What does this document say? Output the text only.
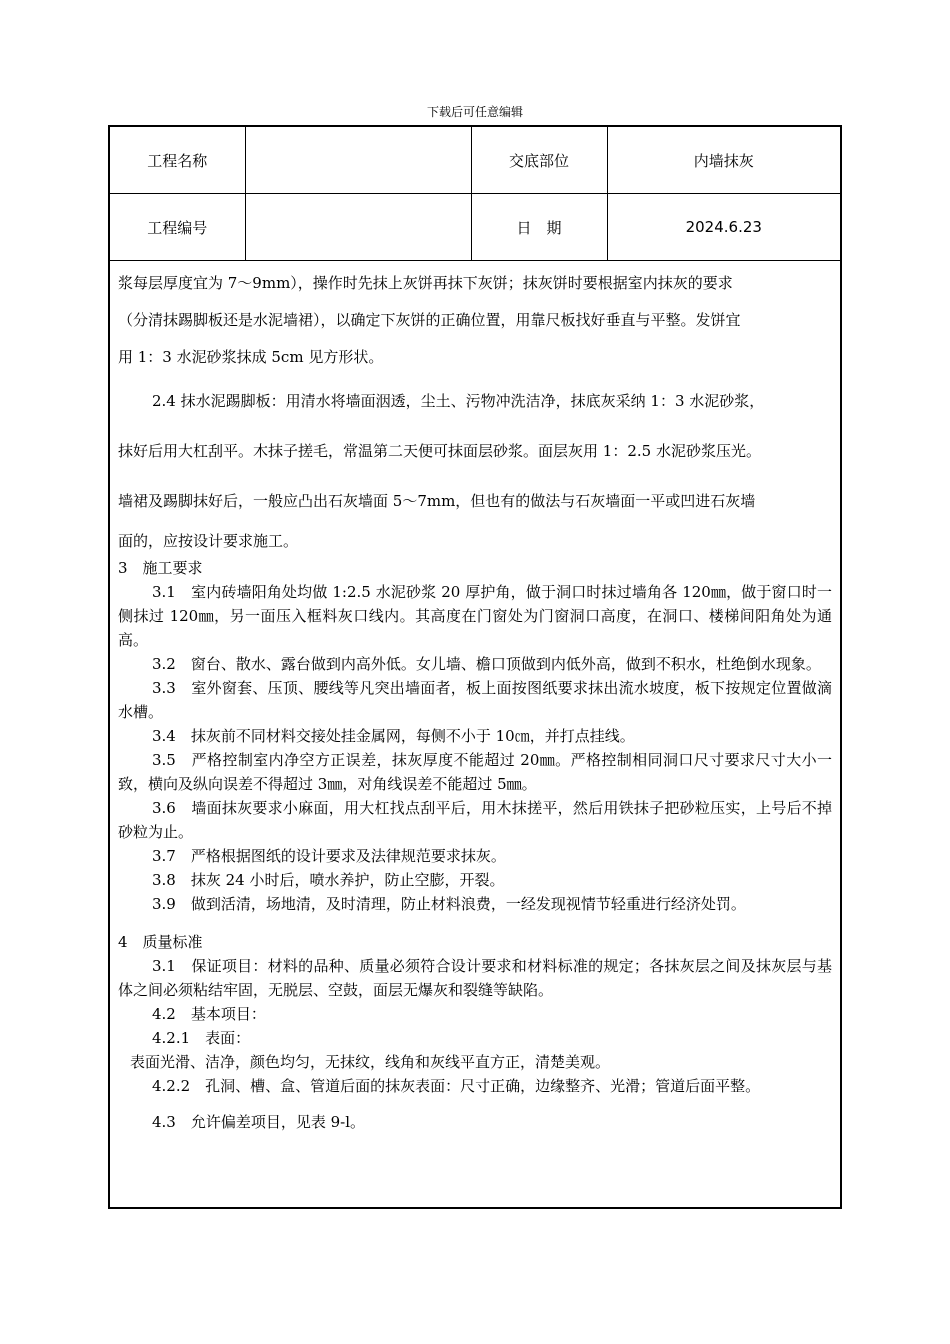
下载后可任意编辑
工程名称		交底部位	内墙抹灰
工程编号		日　期	2024.6.23

浆每层厚度宜为 7～9mm），操作时先抹上灰饼再抹下灰饼；抹灰饼时要根据室内抹灰的要求

（分清抹踢脚板还是水泥墙裙），以确定下灰饼的正确位置，用靠尺板找好垂直与平整。发饼宜

用 1：3 水泥砂浆抹成 5cm 见方形状。

2.4 抹水泥踢脚板：用清水将墙面洇透，尘土、污物冲洗洁净，抹底灰采纳 1：3 水泥砂浆，

抹好后用大杠刮平。木抹子搓毛，常温第二天便可抹面层砂浆。面层灰用 1：2.5 水泥砂浆压光。

墙裙及踢脚抹好后，一般应凸出石灰墙面 5～7mm，但也有的做法与石灰墙面一平或凹进石灰墙

面的，应按设计要求施工。

3　施工要求

3.1　室内砖墙阳角处均做 1:2.5 水泥砂浆 20 厚护角，做于洞口时抹过墙角各 120㎜，做于窗口时一侧抹过 120㎜，另一面压入框料灰口线内。其高度在门窗处为门窗洞口高度，在洞口、楼梯间阳角处为通高。

3.2　窗台、散水、露台做到内高外低。女儿墙、檐口顶做到内低外高，做到不积水，杜绝倒水现象。

3.3　室外窗套、压顶、腰线等凡突出墙面者，板上面按图纸要求抹出流水坡度，板下按规定位置做滴水槽。

3.4　抹灰前不同材料交接处挂金属网，每侧不小于 10㎝，并打点挂线。

3.5　严格控制室内净空方正误差，抹灰厚度不能超过 20㎜。严格控制相同洞口尺寸要求尺寸大小一致，横向及纵向误差不得超过 3㎜，对角线误差不能超过 5㎜。

3.6　墙面抹灰要求小麻面，用大杠找点刮平后，用木抹搓平，然后用铁抹子把砂粒压实，上号后不掉砂粒为止。

3.7　严格根据图纸的设计要求及法律规范要求抹灰。

3.8　抹灰 24 小时后，喷水养护，防止空膨，开裂。

3.9　做到活清，场地清，及时清理，防止材料浪费，一经发现视情节轻重进行经济处罚。

4　质量标准

3.1　保证项目：材料的品种、质量必须符合设计要求和材料标准的规定；各抹灰层之间及抹灰层与基体之间必须粘结牢固，无脱层、空鼓，面层无爆灰和裂缝等缺陷。

4.2　基本项目：

4.2.1　表面：

表面光滑、洁净，颜色均匀，无抹纹，线角和灰线平直方正，清楚美观。

4.2.2　孔洞、槽、盒、管道后面的抹灰表面：尺寸正确，边缘整齐、光滑；管道后面平整。

4.3　允许偏差项目，见表 9-l。
